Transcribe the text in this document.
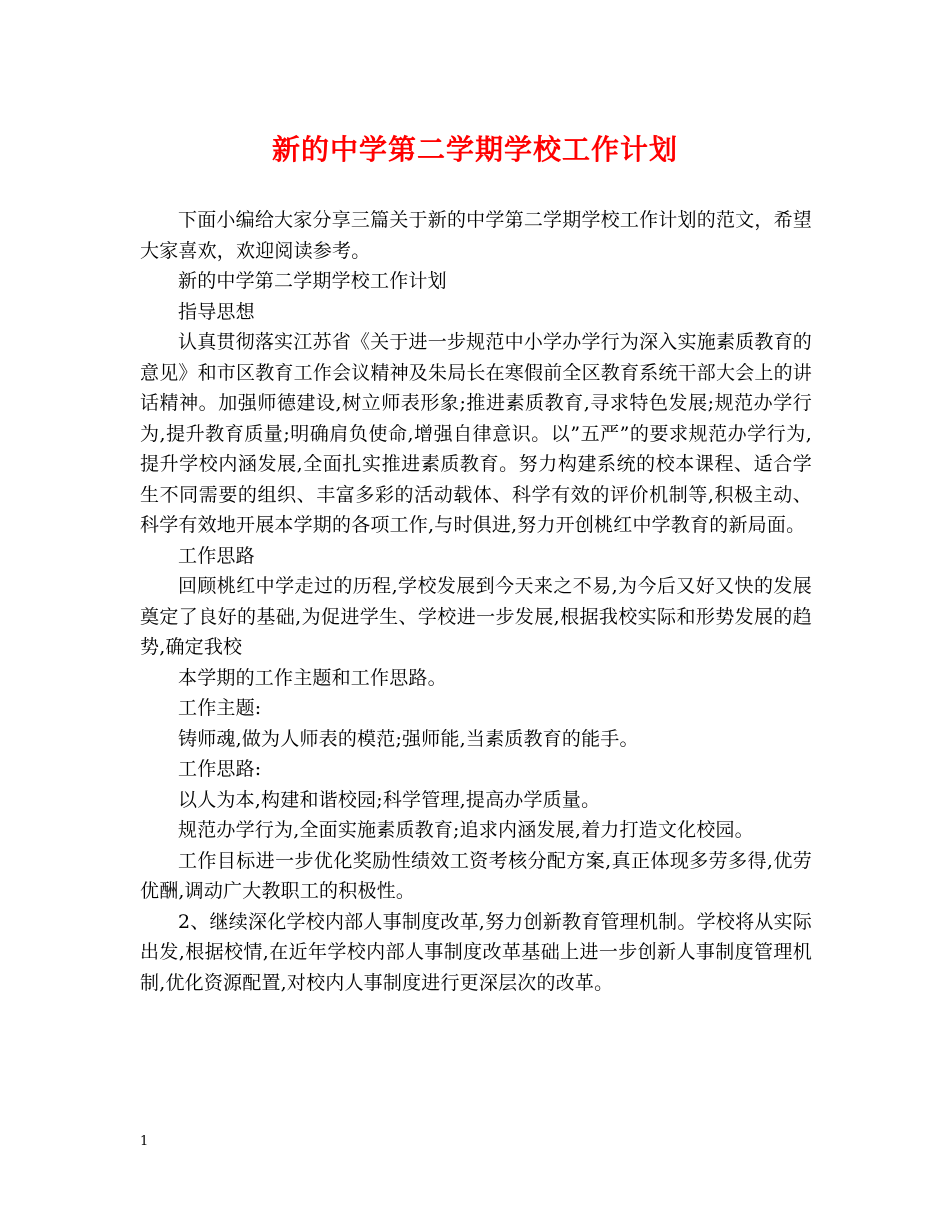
新的中学第二学期学校工作计划

下面小编给大家分享三篇关于新的中学第二学期学校工作计划的范文，希望大家喜欢，欢迎阅读参考。

新的中学第二学期学校工作计划

指导思想

认真贯彻落实江苏省《关于进一步规范中小学办学行为深入实施素质教育的意见》和市区教育工作会议精神及朱局长在寒假前全区教育系统干部大会上的讲话精神。加强师德建设,树立师表形象;推进素质教育,寻求特色发展;规范办学行为,提升教育质量;明确肩负使命,增强自律意识。以”五严”的要求规范办学行为,提升学校内涵发展,全面扎实推进素质教育。努力构建系统的校本课程、适合学生不同需要的组织、丰富多彩的活动载体、科学有效的评价机制等,积极主动、科学有效地开展本学期的各项工作,与时俱进,努力开创桃红中学教育的新局面。

工作思路

回顾桃红中学走过的历程,学校发展到今天来之不易,为今后又好又快的发展奠定了良好的基础,为促进学生、学校进一步发展,根据我校实际和形势发展的趋势,确定我校

本学期的工作主题和工作思路。

工作主题:

铸师魂,做为人师表的模范;强师能,当素质教育的能手。

工作思路:

以人为本,构建和谐校园;科学管理,提高办学质量。

规范办学行为,全面实施素质教育;追求内涵发展,着力打造文化校园。

工作目标进一步优化奖励性绩效工资考核分配方案,真正体现多劳多得,优劳优酬,调动广大教职工的积极性。

2、继续深化学校内部人事制度改革,努力创新教育管理机制。学校将从实际出发,根据校情,在近年学校内部人事制度改革基础上进一步创新人事制度管理机制,优化资源配置,对校内人事制度进行更深层次的改革。

1
